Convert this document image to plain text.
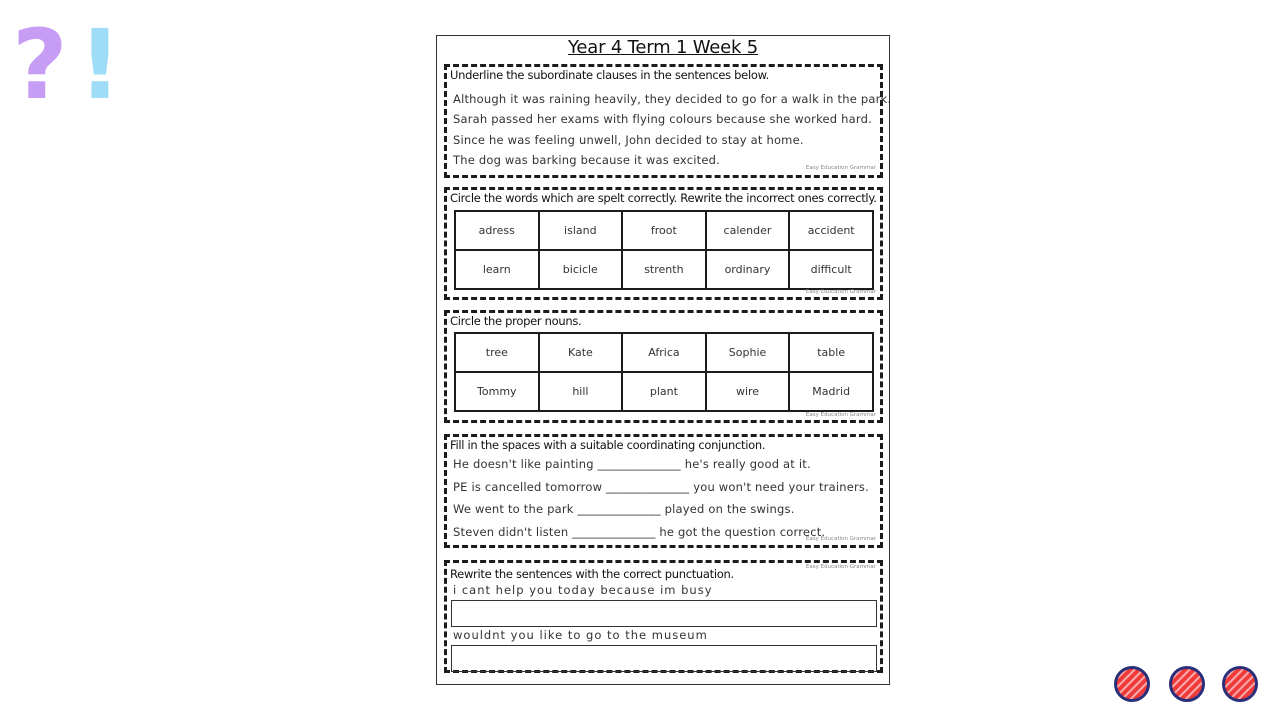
? !	Year 4 Term 1 Week 5
Underline the subordinate clauses in the sentences below.
Although it was raining heavily, they decided to go for a walk in the park.
Sarah passed her exams with flying colours because she worked hard.
Since he was feeling unwell, John decided to stay at home.
The dog was barking because it was excited.
Easy Education Grammar
Circle the words which are spelt correctly. Rewrite the incorrect ones correctly.
adress	island	froot	calender	accident
learn	bicicle	strenth	ordinary	difficult
Easy Education Grammar
Circle the proper nouns.
tree	Kate	Africa	Sophie	table
Tommy	hill	plant	wire	Madrid
Easy Education Grammar
Fill in the spaces with a suitable coordinating conjunction.
He doesn't like painting ______________ he's really good at it.
PE is cancelled tomorrow ______________ you won't need your trainers.
We went to the park ______________ played on the swings.
Steven didn't listen ______________ he got the question correct.
Easy Education Grammar
Easy Education Grammar
Rewrite the sentences with the correct punctuation.
i cant help you today because im busy
wouldnt you like to go to the museum
